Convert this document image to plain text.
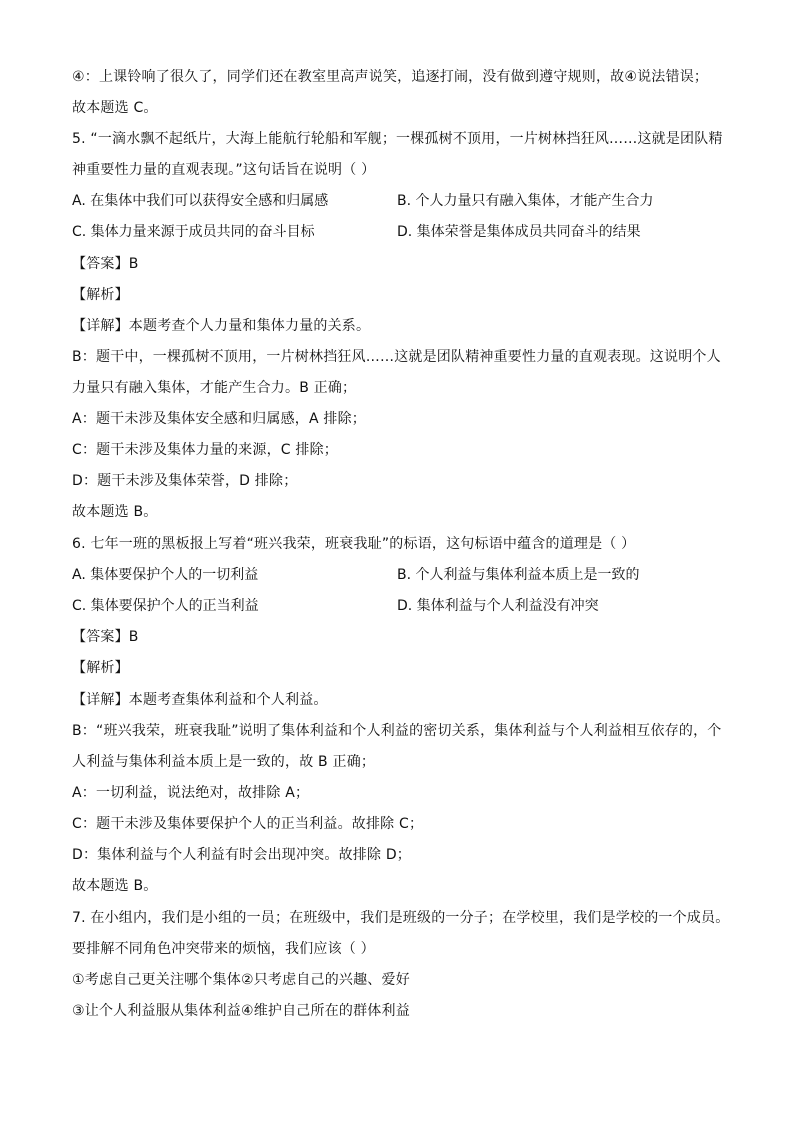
④：上课铃响了很久了，同学们还在教室里高声说笑，追逐打闹，没有做到遵守规则，故④说法错误；
故本题选 C。
5. “一滴水飘不起纸片，大海上能航行轮船和军舰；一棵孤树不顶用，一片树林挡狂风……这就是团队精
神重要性力量的直观表现。”这句话旨在说明（ ）
A. 在集体中我们可以获得安全感和归属感	B. 个人力量只有融入集体，才能产生合力
C. 集体力量来源于成员共同的奋斗目标	D. 集体荣誉是集体成员共同奋斗的结果
【答案】B
【解析】
【详解】本题考查个人力量和集体力量的关系。
B：题干中，一棵孤树不顶用，一片树林挡狂风……这就是团队精神重要性力量的直观表现。这说明个人
力量只有融入集体，才能产生合力。B 正确；
A：题干未涉及集体安全感和归属感，A 排除；
C：题干未涉及集体力量的来源，C 排除；
D：题干未涉及集体荣誉，D 排除；
故本题选 B。
6. 七年一班的黑板报上写着“班兴我荣，班衰我耻”的标语，这句标语中蕴含的道理是（ ）
A. 集体要保护个人的一切利益	B. 个人利益与集体利益本质上是一致的
C. 集体要保护个人的正当利益	D. 集体利益与个人利益没有冲突
【答案】B
【解析】
【详解】本题考查集体利益和个人利益。
B：“班兴我荣，班衰我耻”说明了集体利益和个人利益的密切关系，集体利益与个人利益相互依存的，个
人利益与集体利益本质上是一致的，故 B 正确；
A：一切利益，说法绝对，故排除 A；
C：题干未涉及集体要保护个人的正当利益。故排除 C；
D：集体利益与个人利益有时会出现冲突。故排除 D；
故本题选 B。
7. 在小组内，我们是小组的一员；在班级中，我们是班级的一分子；在学校里，我们是学校的一个成员。
要排解不同角色冲突带来的烦恼，我们应该（ ）
①考虑自己更关注哪个集体②只考虑自己的兴趣、爱好
③让个人利益服从集体利益④维护自己所在的群体利益
